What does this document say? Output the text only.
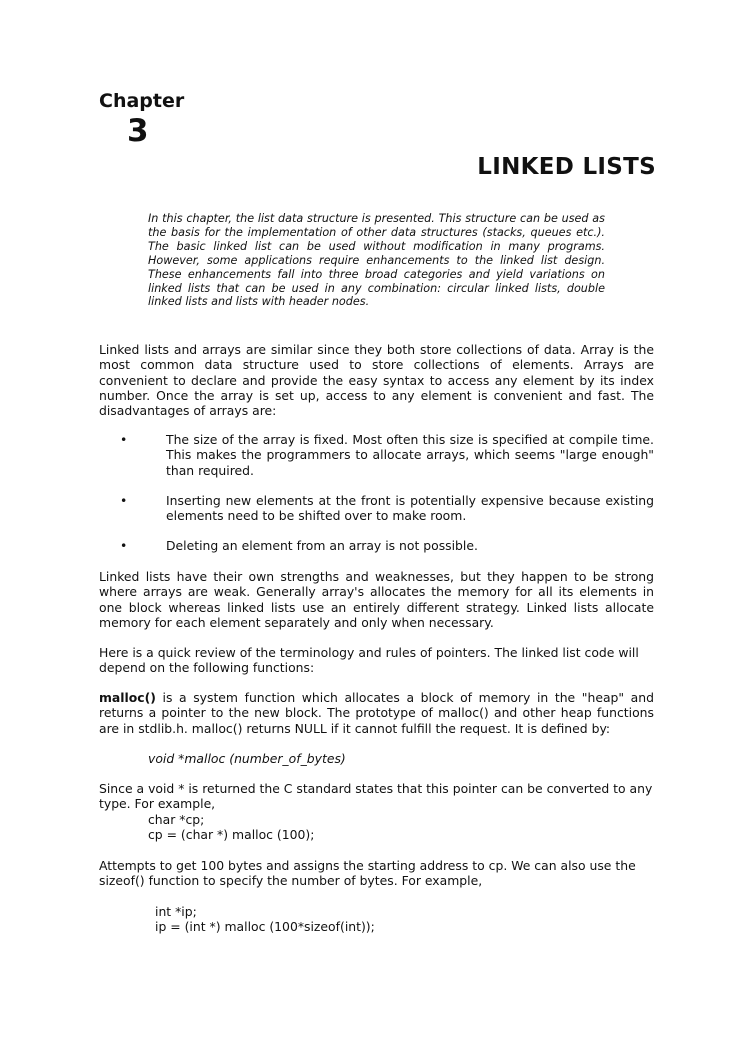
Chapter
3
LINKED LISTS
In this chapter, the list data structure is presented. This structure can be used as the basis for the implementation of other data structures (stacks, queues etc.). The basic linked list can be used without modification in many programs. However, some applications require enhancements to the linked list design. These enhancements fall into three broad categories and yield variations on linked lists that can be used in any combination: circular linked lists, double linked lists and lists with header nodes.

Linked lists and arrays are similar since they both store collections of data. Array is the most common data structure used to store collections of elements. Arrays are convenient to declare and provide the easy syntax to access any element by its index number. Once the array is set up, access to any element is convenient and fast. The disadvantages of arrays are:

•	The size of the array is fixed. Most often this size is specified at compile time. This makes the programmers to allocate arrays, which seems "large enough" than required.
•	Inserting new elements at the front is potentially expensive because existing elements need to be shifted over to make room.
•	Deleting an element from an array is not possible.

Linked lists have their own strengths and weaknesses, but they happen to be strong where arrays are weak. Generally array's allocates the memory for all its elements in one block whereas linked lists use an entirely different strategy. Linked lists allocate memory for each element separately and only when necessary.

Here is a quick review of the terminology and rules of pointers. The linked list code will depend on the following functions:

malloc() is a system function which allocates a block of memory in the "heap" and returns a pointer to the new block. The prototype of malloc() and other heap functions are in stdlib.h. malloc() returns NULL if it cannot fulfill the request. It is defined by:

void *malloc (number_of_bytes)

Since a void * is returned the C standard states that this pointer can be converted to any type. For example,

char *cp;
cp = (char *) malloc (100);

Attempts to get 100 bytes and assigns the starting address to cp. We can also use the sizeof() function to specify the number of bytes. For example,

int *ip;
ip = (int *) malloc (100*sizeof(int));
